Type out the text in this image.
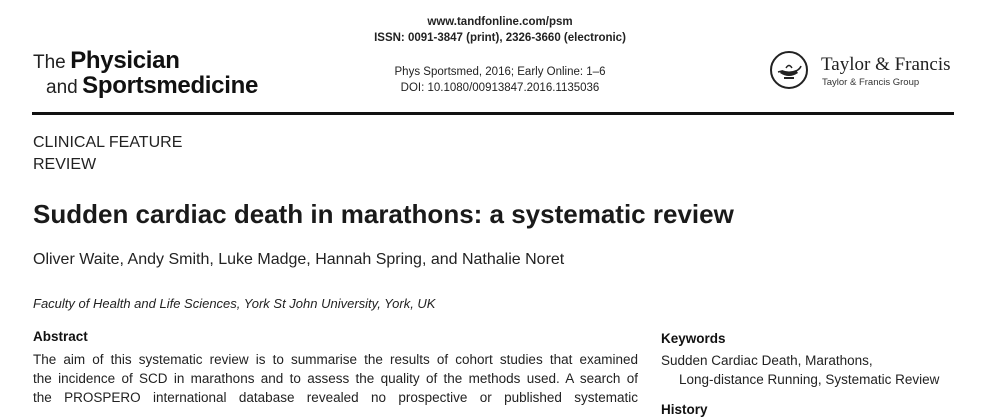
The Physician
and Sportsmedicine
www.tandfonline.com/psm
ISSN: 0091-3847 (print), 2326-3660 (electronic)
Phys Sportsmed, 2016; Early Online: 1–6
DOI: 10.1080/00913847.2016.1135036
Taylor & Francis
Taylor & Francis Group
CLINICAL FEATURE
REVIEW
Sudden cardiac death in marathons: a systematic review
Oliver Waite, Andy Smith, Luke Madge, Hannah Spring, and Nathalie Noret
Faculty of Health and Life Sciences, York St John University, York, UK
Abstract
The aim of this systematic review is to summarise the results of cohort studies that examined
the incidence of SCD in marathons and to assess the quality of the methods used. A search of
the PROSPERO international database revealed no prospective or published systematic
Keywords
Sudden Cardiac Death, Marathons,
Long-distance Running, Systematic Review
History
